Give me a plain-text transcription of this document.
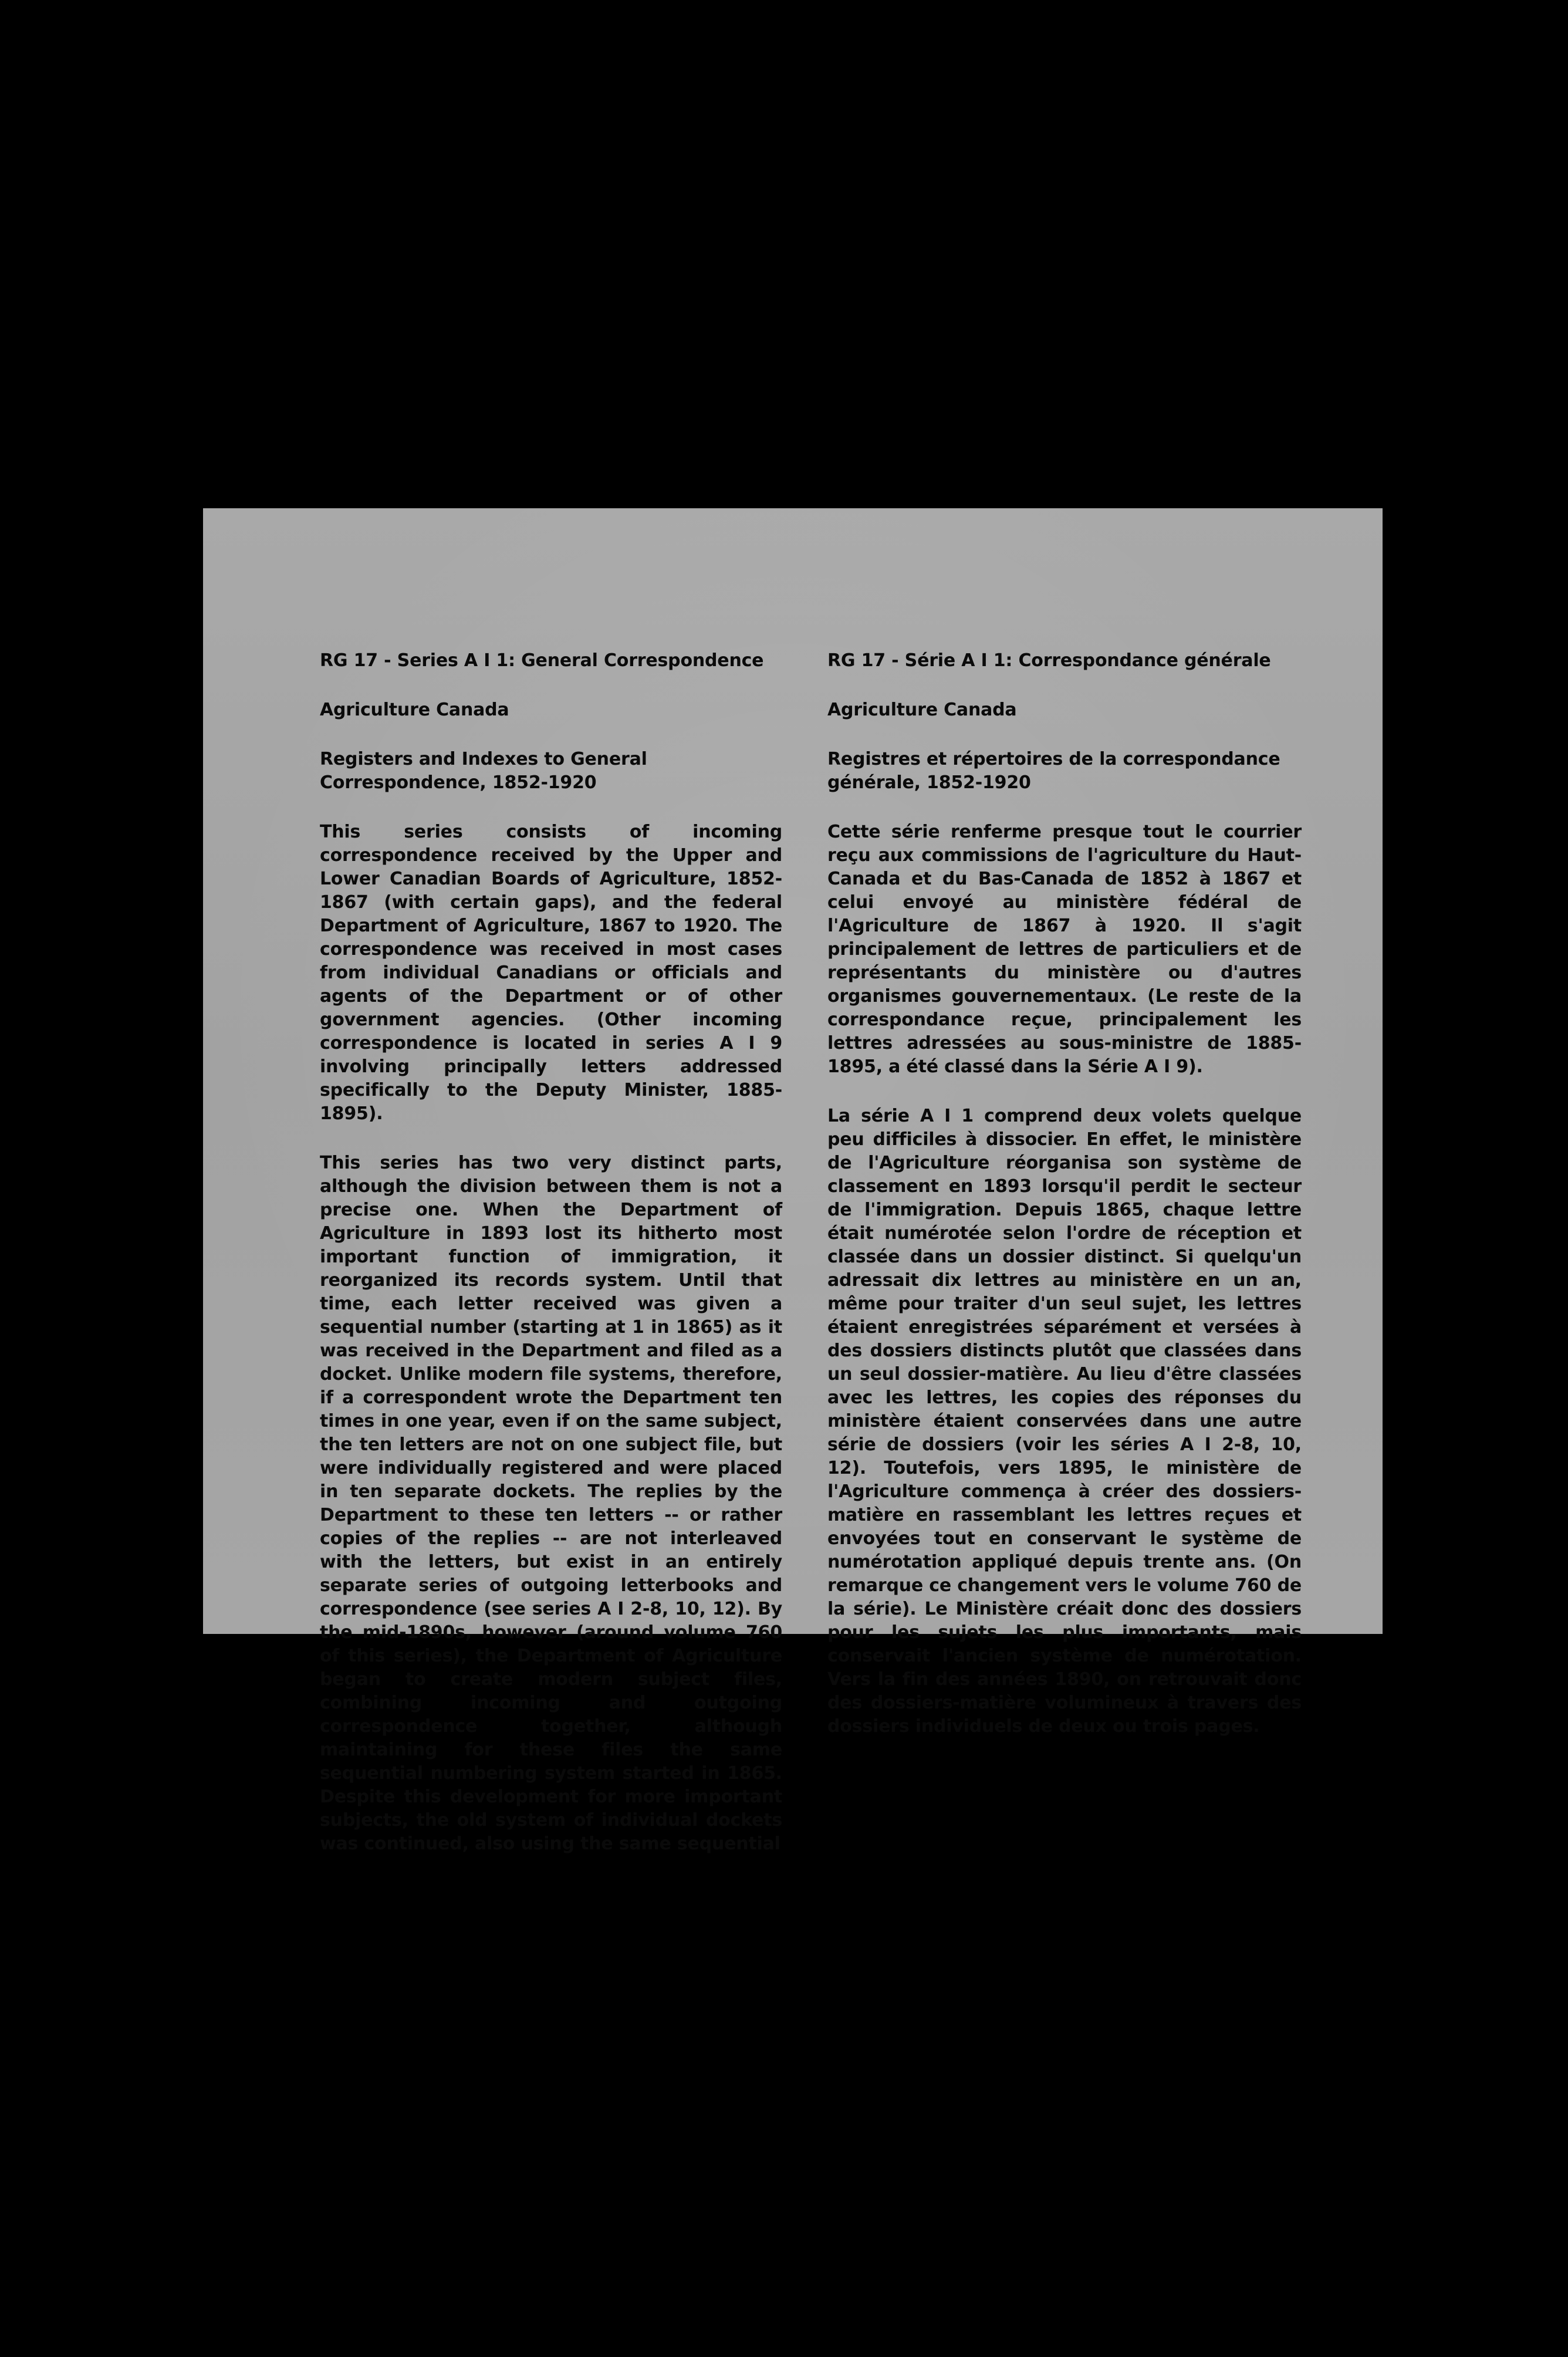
RG 17 - Series A I 1: General Correspondence

Agriculture Canada

Registers and Indexes to General Correspondence, 1852-1920

This series consists of incoming correspondence received by the Upper and Lower Canadian Boards of Agriculture, 1852-1867 (with certain gaps), and the federal Department of Agriculture, 1867 to 1920. The correspondence was received in most cases from individual Canadians or officials and agents of the Department or of other government agencies. (Other incoming correspondence is located in series A I 9 involving principally letters addressed specifically to the Deputy Minister, 1885-1895).

This series has two very distinct parts, although the division between them is not a precise one. When the Department of Agriculture in 1893 lost its hitherto most important function of immigration, it reorganized its records system. Until that time, each letter received was given a sequential number (starting at 1 in 1865) as it was received in the Department and filed as a docket. Unlike modern file systems, therefore, if a correspondent wrote the Department ten times in one year, even if on the same subject, the ten letters are not on one subject file, but were individually registered and were placed in ten separate dockets. The replies by the Department to these ten letters -- or rather copies of the replies -- are not interleaved with the letters, but exist in an entirely separate series of outgoing letterbooks and correspondence (see series A I 2-8, 10, 12). By the mid-1890s, however (around volume 760 of this series), the Department of Agriculture began to create modern subject files, combining incoming and outgoing correspondence together, although maintaining for these files the same sequential numbering system started in 1865. Despite this development for more important subjects, the old system of individual dockets was continued, also using the same sequential

RG 17 - Série A I 1: Correspondance générale

Agriculture Canada

Registres et répertoires de la correspondance générale, 1852-1920

Cette série renferme presque tout le courrier reçu aux commissions de l'agriculture du Haut-Canada et du Bas-Canada de 1852 à 1867 et celui envoyé au ministère fédéral de l'Agriculture de 1867 à 1920. Il s'agit principalement de lettres de particuliers et de représentants du ministère ou d'autres organismes gouvernementaux. (Le reste de la correspondance reçue, principalement les lettres adressées au sous-ministre de 1885-1895, a été classé dans la Série A I 9).

La série A I 1 comprend deux volets quelque peu difficiles à dissocier. En effet, le ministère de l'Agriculture réorganisa son système de classement en 1893 lorsqu'il perdit le secteur de l'immigration. Depuis 1865, chaque lettre était numérotée selon l'ordre de réception et classée dans un dossier distinct. Si quelqu'un adressait dix lettres au ministère en un an, même pour traiter d'un seul sujet, les lettres étaient enregistrées séparément et versées à des dossiers distincts plutôt que classées dans un seul dossier-matière. Au lieu d'être classées avec les lettres, les copies des réponses du ministère étaient conservées dans une autre série de dossiers (voir les séries A I 2-8, 10, 12). Toutefois, vers 1895, le ministère de l'Agriculture commença à créer des dossiers-matière en rassemblant les lettres reçues et envoyées tout en conservant le système de numérotation appliqué depuis trente ans. (On remarque ce changement vers le volume 760 de la série). Le Ministère créait donc des dossiers pour les sujets les plus importants, mais conservait l'ancien système de numérotation. Vers la fin des années 1890, on retrouvait donc des dossiers-matière volumineux à travers des dossiers individuels de deux ou trois pages.
